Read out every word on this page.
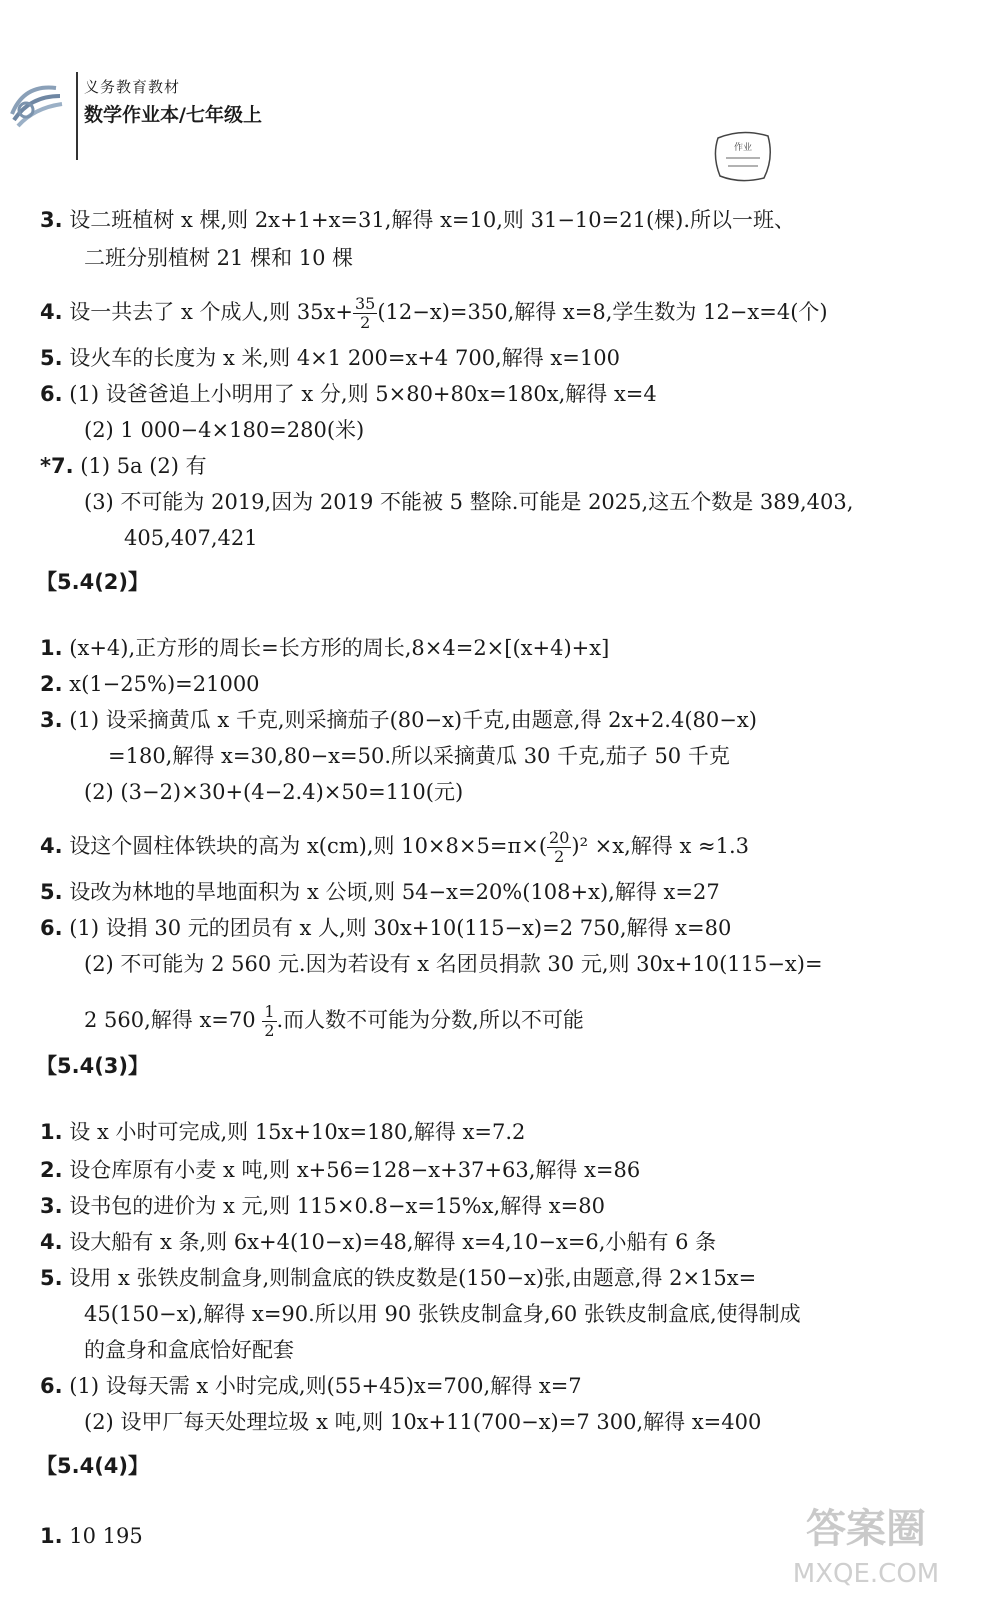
义务教育教材
数学作业本/七年级上
作业
3. 设二班植树 x 棵,则 2x+1+x=31,解得 x=10,则 31−10=21(棵).所以一班、
二班分别植树 21 棵和 10 棵
4. 设一共去了 x 个成人,则 $35x+ \frac{35}{2} (12-x)=350$,解得 x=8,学生数为 12−x=4(个)
5. 设火车的长度为 x 米,则 4×1 200=x+4 700,解得 x=100
6. (1) 设爸爸追上小明用了 x 分,则 5×80+80x=180x,解得 x=4
(2) 1 000−4×180=280(米)
*7. (1) 5a (2) 有
(3) 不可能为 2019,因为 2019 不能被 5 整除.可能是 2025,这五个数是 389,403,
405,407,421
【5.4(2)】
1. (x+4),正方形的周长=长方形的周长,8×4=2×[(x+4)+x]
2. x(1−25%)=21000
3. (1) 设采摘黄瓜 x 千克,则采摘茄子(80−x)千克,由题意,得 2x+2.4(80−x)
=180,解得 x=30,80−x=50.所以采摘黄瓜 30 千克,茄子 50 千克
(2) (3−2)×30+(4−2.4)×50=110(元)
4. 设这个圆柱体铁块的高为 x(cm),则 $10\times 8\times 5=\pi\times( \frac{20}{2} )^2 \times x$,解得 x ≈1.3
5. 设改为林地的旱地面积为 x 公顷,则 54−x=20%(108+x),解得 x=27
6. (1) 设捐 30 元的团员有 x 人,则 30x+10(115−x)=2 750,解得 x=80
(2) 不可能为 2 560 元.因为若设有 x 名团员捐款 30 元,则 30x+10(115−x)=
2 560,解得 $x=70 \frac{1}{2}$ .而人数不可能为分数,所以不可能
【5.4(3)】
1. 设 x 小时可完成,则 15x+10x=180,解得 x=7.2
2. 设仓库原有小麦 x 吨,则 x+56=128−x+37+63,解得 x=86
3. 设书包的进价为 x 元,则 115×0.8−x=15%x,解得 x=80
4. 设大船有 x 条,则 6x+4(10−x)=48,解得 x=4,10−x=6,小船有 6 条
5. 设用 x 张铁皮制盒身,则制盒底的铁皮数是(150−x)张,由题意,得 2×15x=
45(150−x),解得 x=90.所以用 90 张铁皮制盒身,60 张铁皮制盒底,使得制成
的盒身和盒底恰好配套
6. (1) 设每天需 x 小时完成,则(55+45)x=700,解得 x=7
(2) 设甲厂每天处理垃圾 x 吨,则 10x+11(700−x)=7 300,解得 x=400
【5.4(4)】
1. 10 195	答案圈
MXQE.COM
